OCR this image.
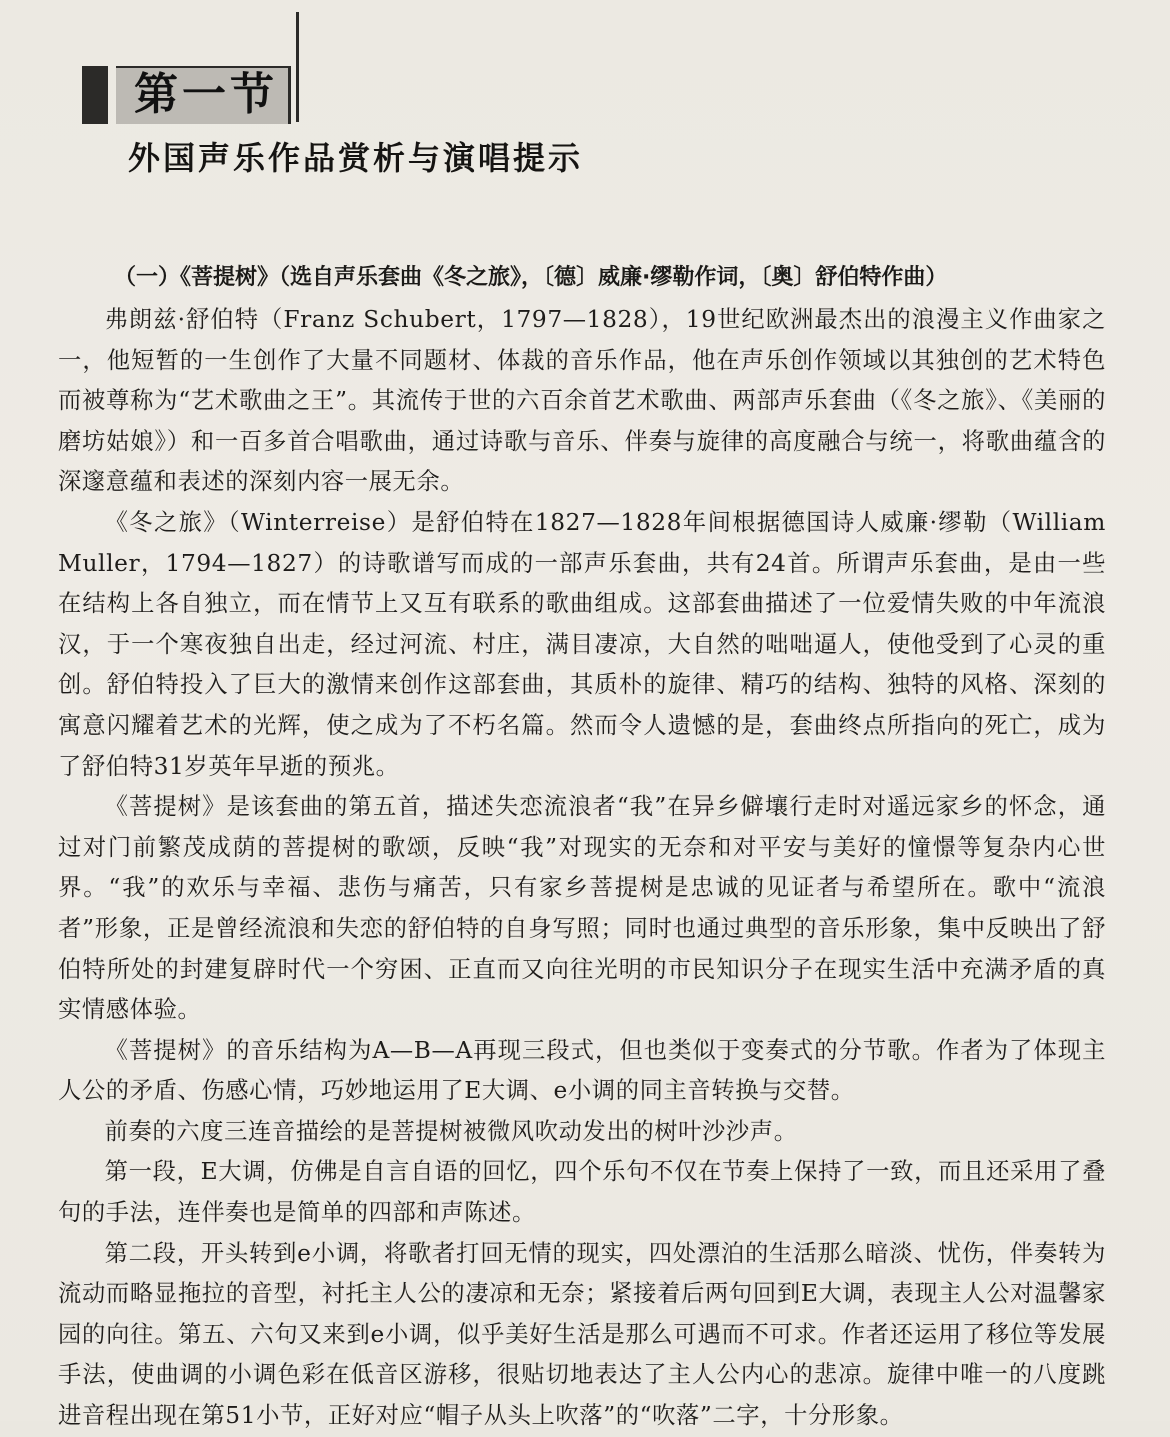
第一节
外国声乐作品赏析与演唱提示
（一）《菩提树》（选自声乐套曲《冬之旅》，〔德〕威廉·缪勒作词，〔奥〕舒伯特作曲）

弗朗兹·舒伯特（Franz Schubert，1797—1828），19世纪欧洲最杰出的浪漫主义作曲家之一，他短暂的一生创作了大量不同题材、体裁的音乐作品，他在声乐创作领域以其独创的艺术特色而被尊称为“艺术歌曲之王”。其流传于世的六百余首艺术歌曲、两部声乐套曲（《冬之旅》、《美丽的磨坊姑娘》）和一百多首合唱歌曲，通过诗歌与音乐、伴奏与旋律的高度融合与统一，将歌曲蕴含的深邃意蕴和表述的深刻内容一展无余。

《冬之旅》（Winterreise）是舒伯特在1827—1828年间根据德国诗人威廉·缪勒（William Muller，1794—1827）的诗歌谱写而成的一部声乐套曲，共有24首。所谓声乐套曲，是由一些在结构上各自独立，而在情节上又互有联系的歌曲组成。这部套曲描述了一位爱情失败的中年流浪汉，于一个寒夜独自出走，经过河流、村庄，满目凄凉，大自然的咄咄逼人，使他受到了心灵的重创。舒伯特投入了巨大的激情来创作这部套曲，其质朴的旋律、精巧的结构、独特的风格、深刻的寓意闪耀着艺术的光辉，使之成为了不朽名篇。然而令人遗憾的是，套曲终点所指向的死亡，成为了舒伯特31岁英年早逝的预兆。

《菩提树》是该套曲的第五首，描述失恋流浪者“我”在异乡僻壤行走时对遥远家乡的怀念，通过对门前繁茂成荫的菩提树的歌颂，反映“我”对现实的无奈和对平安与美好的憧憬等复杂内心世界。“我”的欢乐与幸福、悲伤与痛苦，只有家乡菩提树是忠诚的见证者与希望所在。歌中“流浪者”形象，正是曾经流浪和失恋的舒伯特的自身写照；同时也通过典型的音乐形象，集中反映出了舒伯特所处的封建复辟时代一个穷困、正直而又向往光明的市民知识分子在现实生活中充满矛盾的真实情感体验。

《菩提树》的音乐结构为A—B—A再现三段式，但也类似于变奏式的分节歌。作者为了体现主人公的矛盾、伤感心情，巧妙地运用了E大调、e小调的同主音转换与交替。

前奏的六度三连音描绘的是菩提树被微风吹动发出的树叶沙沙声。

第一段，E大调，仿佛是自言自语的回忆，四个乐句不仅在节奏上保持了一致，而且还采用了叠句的手法，连伴奏也是简单的四部和声陈述。

第二段，开头转到e小调，将歌者打回无情的现实，四处漂泊的生活那么暗淡、忧伤，伴奏转为流动而略显拖拉的音型，衬托主人公的凄凉和无奈；紧接着后两句回到E大调，表现主人公对温馨家园的向往。第五、六句又来到e小调，似乎美好生活是那么可遇而不可求。作者还运用了移位等发展手法，使曲调的小调色彩在低音区游移，很贴切地表达了主人公内心的悲凉。旋律中唯一的八度跳进音程出现在第51小节，正好对应“帽子从头上吹落”的“吹落”二字，十分形象。
